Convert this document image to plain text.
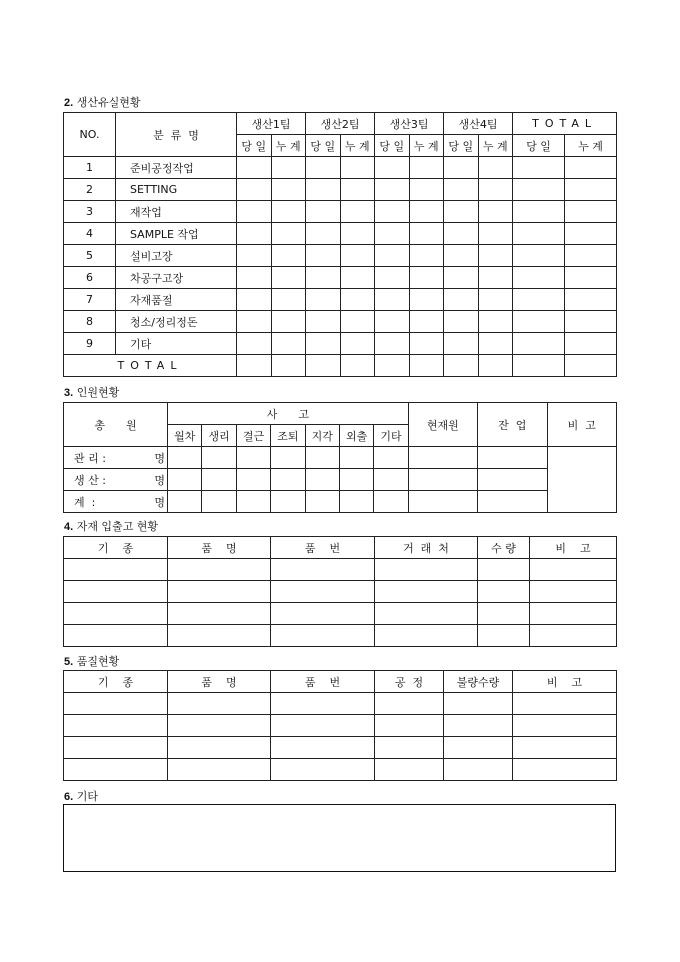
2. 생산유실현황
NO.	분  류  명	생산1팀		생산2팀		생산3팀		생산4팀		TOTAL	
		당 일	누 계	당 일	누 계	당 일	누 계	당 일	누 계	당 일	누 계
1	준비공정작업										
2	SETTING										
3	재작업										
4	SAMPLE 작업										
5	설비고장										
6	차공구고장										
7	자재품절										
8	청소/정리정돈										
9	기타										
TOTAL											
3. 인원현황
총      원	사      고							현재원	잔  업	비  고
	월차	생리	결근	조퇴	지각	외출	기타			
관 리 : 명										

생 산 : 명										

계  : 명										

4. 자재 입출고 현황
기    종	품    명	품    번	거  래  처	수 량	비    고

5. 품질현황
기    종	품    명	품    번	공  정	불량수량	비    고

6. 기타
